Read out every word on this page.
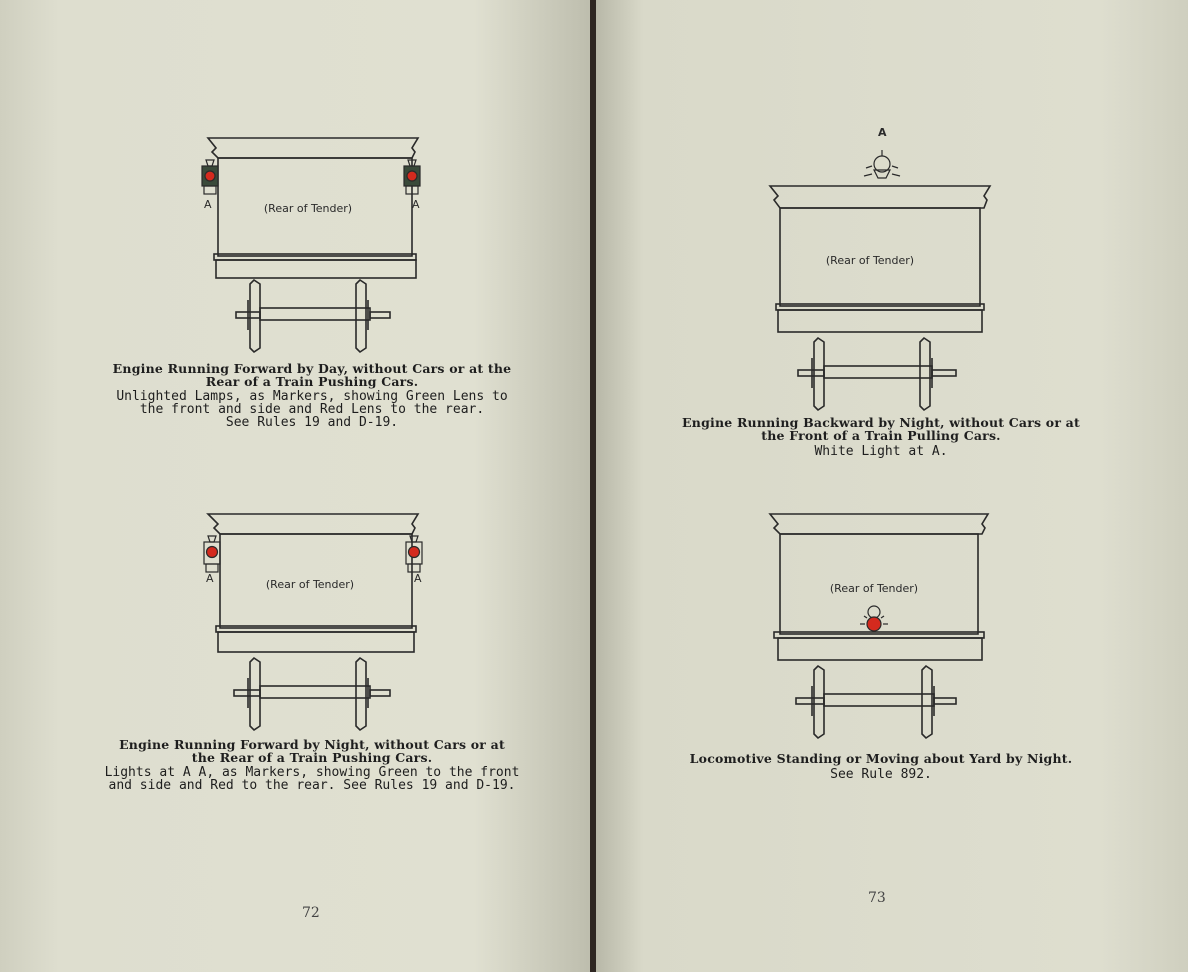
A	A
(Rear of Tender)
Engine Running Forward by Day, without Cars or at the
Rear of a Train Pushing Cars.
Unlighted Lamps, as Markers, showing Green Lens to
the front and side and Red Lens to the rear.
See Rules 19 and D-19.
A	A
(Rear of Tender)
Engine Running Forward by Night, without Cars or at
the Rear of a Train Pushing Cars.
Lights at A A, as Markers, showing Green to the front
and side and Red to the rear. See Rules 19 and D-19.
72
A
(Rear of Tender)
Engine Running Backward by Night, without Cars or at
the Front of a Train Pulling Cars.
White Light at A.
(Rear of Tender)
Locomotive Standing or Moving about Yard by Night.
See Rule 892.
73
